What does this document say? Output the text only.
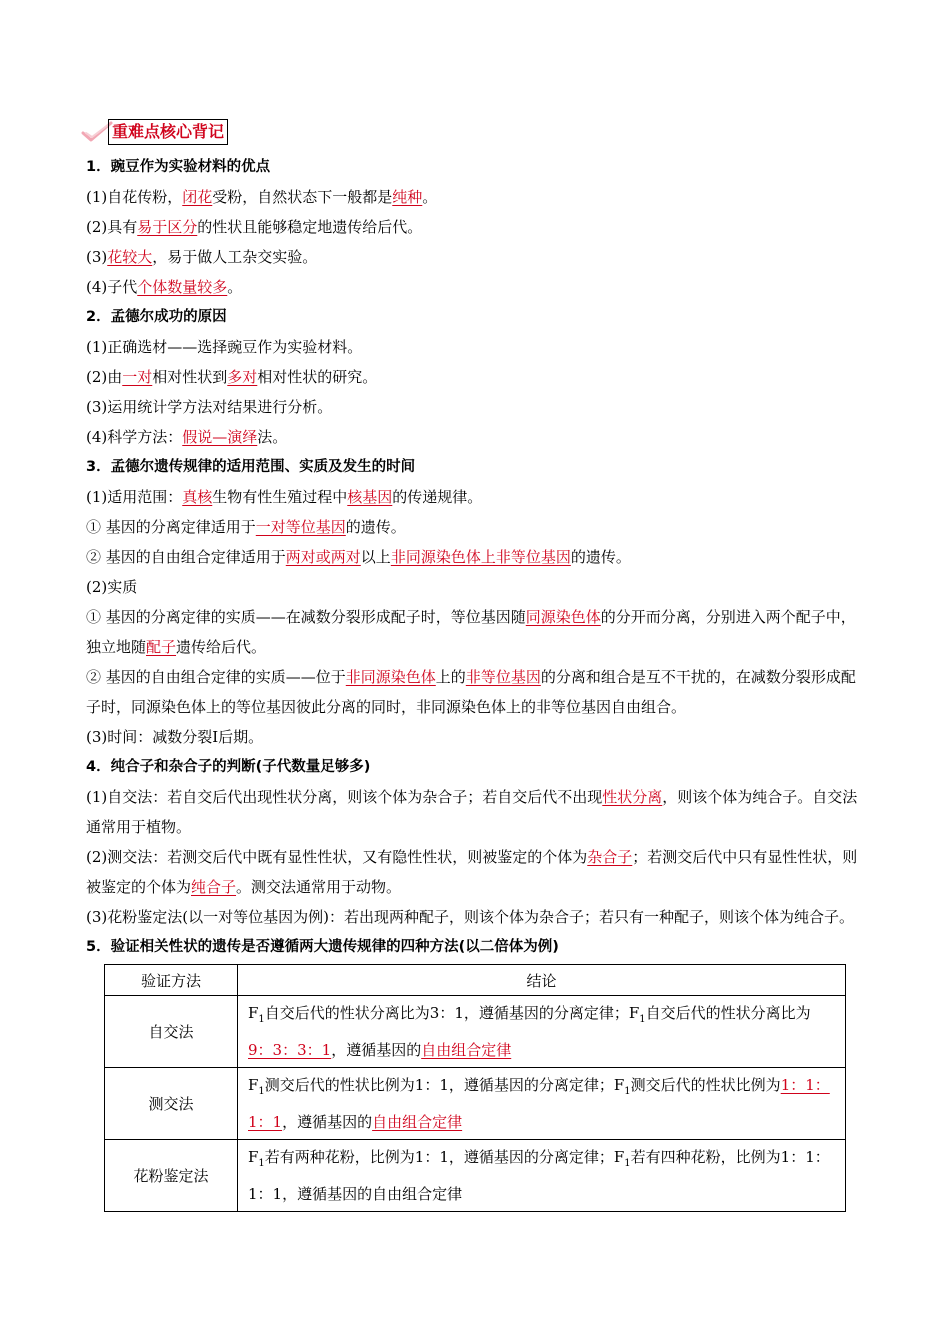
重难点核心背记
1．豌豆作为实验材料的优点
(1)自花传粉，闭花受粉，自然状态下一般都是纯种。
(2)具有易于区分的性状且能够稳定地遗传给后代。
(3)花较大，易于做人工杂交实验。
(4)子代个体数量较多。
2．孟德尔成功的原因
(1)正确选材——选择豌豆作为实验材料。
(2)由一对相对性状到多对相对性状的研究。
(3)运用统计学方法对结果进行分析。
(4)科学方法：假说—演绎法。
3．孟德尔遗传规律的适用范围、实质及发生的时间
(1)适用范围：真核生物有性生殖过程中核基因的传递规律。
① 基因的分离定律适用于一对等位基因的遗传。
② 基因的自由组合定律适用于两对或两对以上非同源染色体上非等位基因的遗传。
(2)实质
① 基因的分离定律的实质——在减数分裂形成配子时，等位基因随同源染色体的分开而分离，分别进入两个配子中，独立地随配子遗传给后代。
② 基因的自由组合定律的实质——位于非同源染色体上的非等位基因的分离和组合是互不干扰的，在减数分裂形成配子时，同源染色体上的等位基因彼此分离的同时，非同源染色体上的非等位基因自由组合。
(3)时间：减数分裂Ⅰ后期。
4．纯合子和杂合子的判断(子代数量足够多)
(1)自交法：若自交后代出现性状分离，则该个体为杂合子；若自交后代不出现性状分离，则该个体为纯合子。自交法通常用于植物。
(2)测交法：若测交后代中既有显性性状，又有隐性性状，则被鉴定的个体为杂合子；若测交后代中只有显性性状，则被鉴定的个体为纯合子。测交法通常用于动物。
(3)花粉鉴定法(以一对等位基因为例)：若出现两种配子，则该个体为杂合子；若只有一种配子，则该个体为纯合子。
5．验证相关性状的遗传是否遵循两大遗传规律的四种方法(以二倍体为例)
验证方法	结论
自交法	$F_1$自交后代的性状分离比为3：1，遵循基因的分离定律；$F_1$自交后代的性状分离比为9：3：3：1，遵循基因的自由组合定律
测交法	$F_1$测交后代的性状比例为1：1，遵循基因的分离定律；$F_1$测交后代的性状比例为1：1：1：1，遵循基因的自由组合定律
花粉鉴定法	$F_1$若有两种花粉，比例为1：1，遵循基因的分离定律；$F_1$若有四种花粉，比例为1：1：1：1，遵循基因的自由组合定律
